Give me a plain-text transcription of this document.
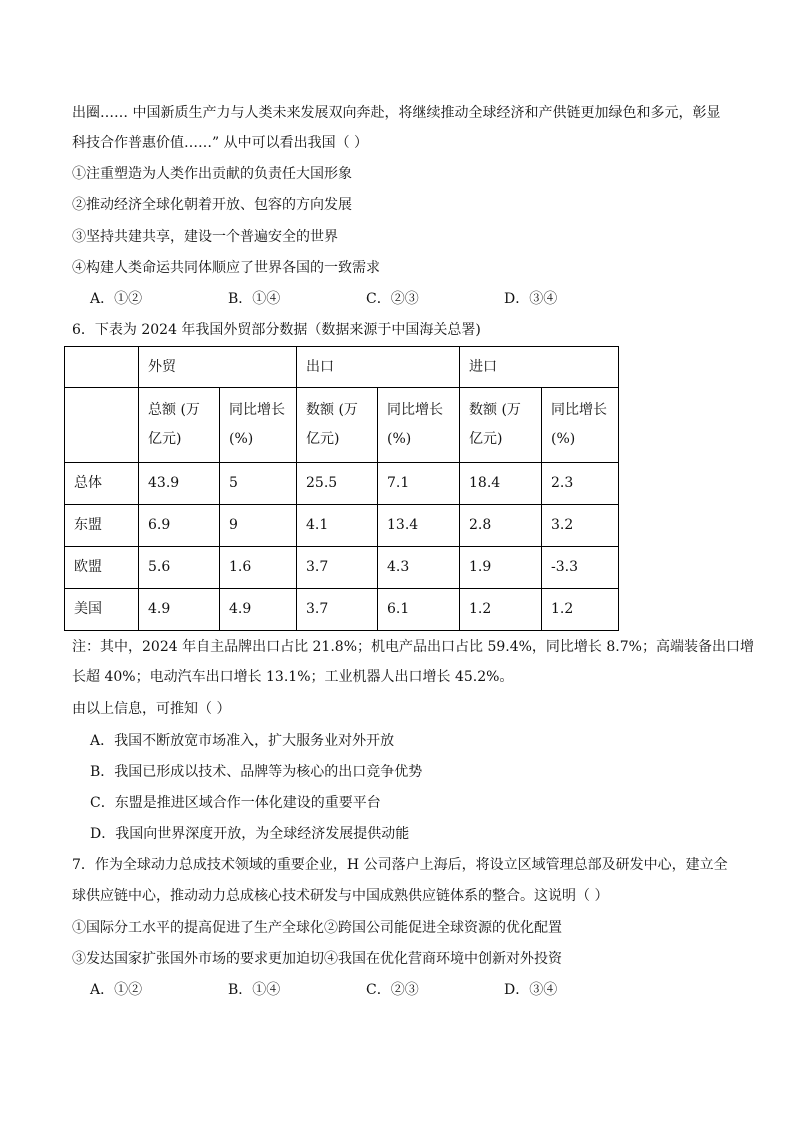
出圈…… 中国新质生产力与人类未来发展双向奔赴，将继续推动全球经济和产供链更加绿色和多元，彰显
科技合作普惠价值……” 从中可以看出我国（ ）
①注重塑造为人类作出贡献的负责任大国形象
②推动经济全球化朝着开放、包容的方向发展
③坚持共建共享，建设一个普遍安全的世界
④构建人类命运共同体顺应了世界各国的一致需求
A．①②	B．①④	C．②③	D．③④
6．下表为 2024 年我国外贸部分数据（数据来源于中国海关总署)
	外贸		出口		进口	
	总额 (万亿元)	同比增长 (%)	数额 (万亿元)	同比增长 (%)	数额 (万亿元)	同比增长 (%)
总体	43.9	5	25.5	7.1	18.4	2.3
东盟	6.9	9	4.1	13.4	2.8	3.2
欧盟	5.6	1.6	3.7	4.3	1.9	-3.3
美国	4.9	4.9	3.7	6.1	1.2	1.2
注：其中，2024 年自主品牌出口占比 21.8%；机电产品出口占比 59.4%，同比增长 8.7%；高端装备出口增
长超 40%；电动汽车出口增长 13.1%；工业机器人出口增长 45.2%。
由以上信息，可推知（ ）
A．我国不断放宽市场准入，扩大服务业对外开放
B．我国已形成以技术、品牌等为核心的出口竞争优势
C．东盟是推进区域合作一体化建设的重要平台
D．我国向世界深度开放，为全球经济发展提供动能
7．作为全球动力总成技术领域的重要企业，H 公司落户上海后，将设立区域管理总部及研发中心，建立全
球供应链中心，推动动力总成核心技术研发与中国成熟供应链体系的整合。这说明（ ）
①国际分工水平的提高促进了生产全球化②跨国公司能促进全球资源的优化配置
③发达国家扩张国外市场的要求更加迫切④我国在优化营商环境中创新对外投资
A．①②	B．①④	C．②③	D．③④
